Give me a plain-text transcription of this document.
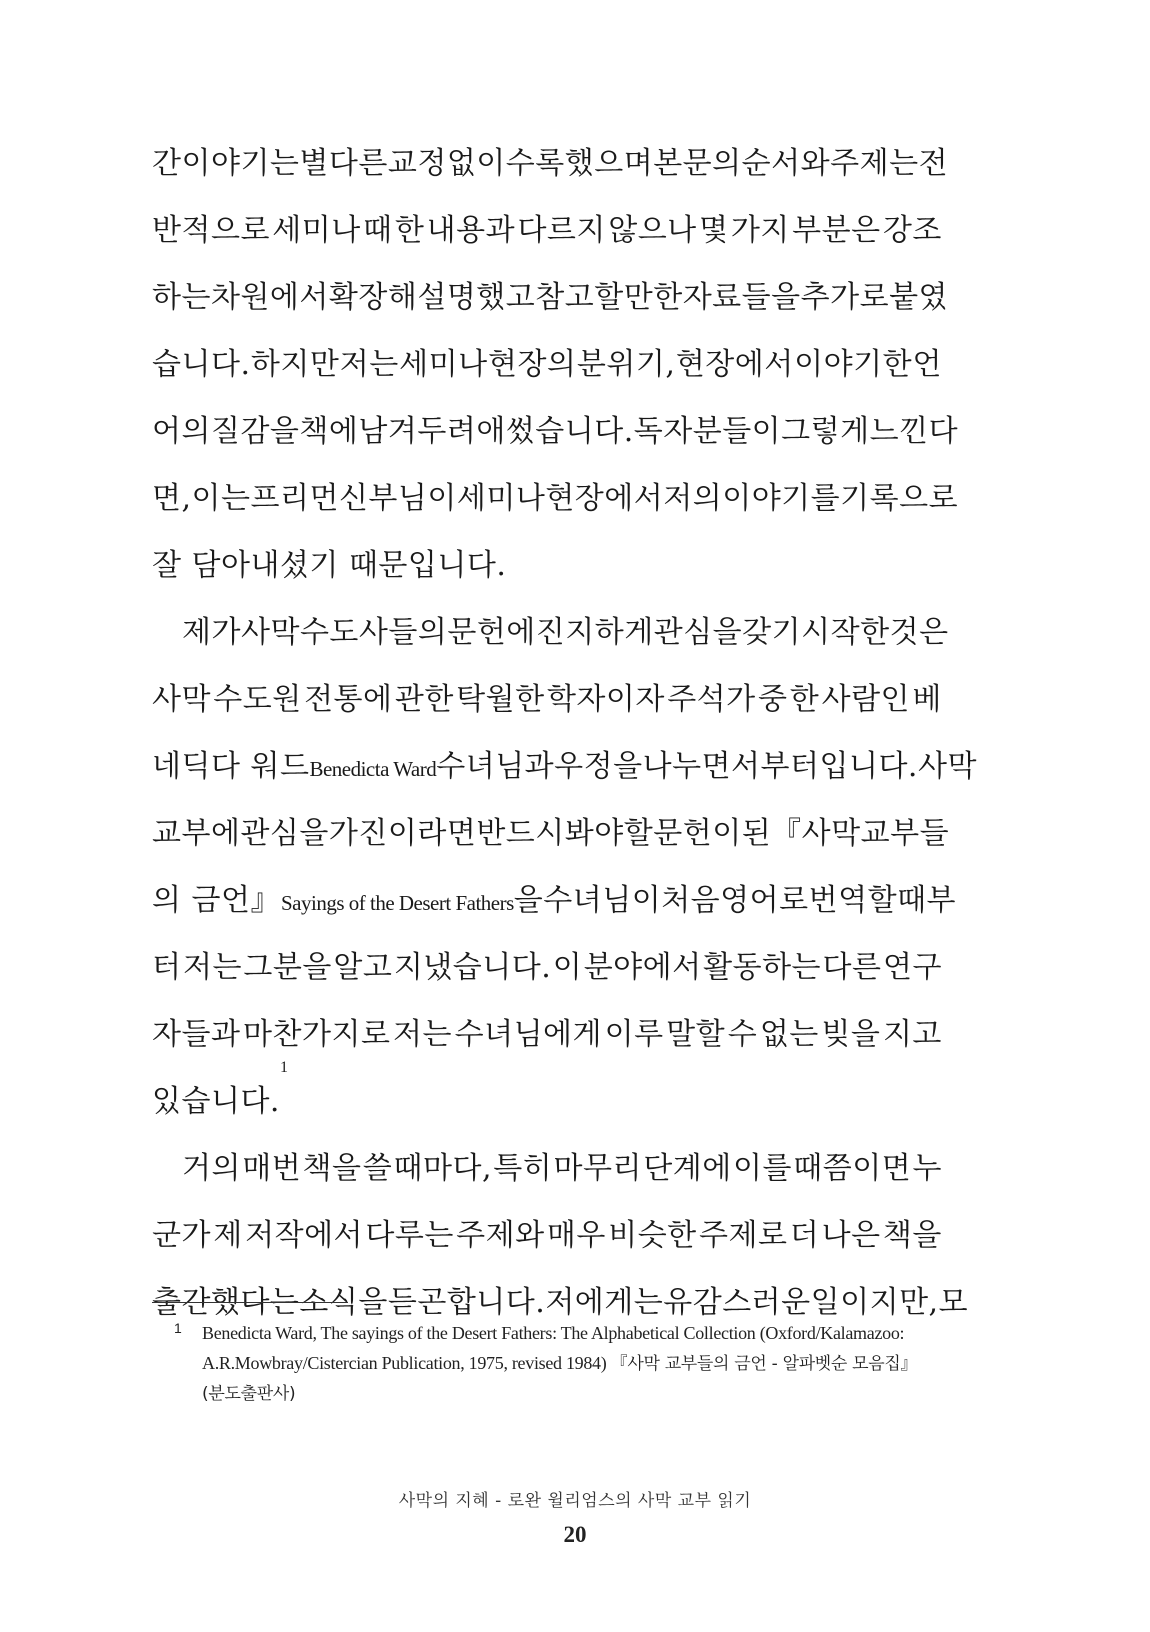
간 이야기는 별다른 교정 없이 수록했으며 본문의 순서와 주제는 전
반적으로 세미나 때 한 내용과 다르지 않으나 몇 가지 부분은 강조
하는 차원에서 확장해 설명했고 참고할 만한 자료들을 추가로 붙였
습니다. 하지만 저는 세미나 현장의 분위기, 현장에서 이야기한 언
어의 질감을 책에 남겨두려 애썼습니다. 독자분들이 그렇게 느낀다
면, 이는 프리먼 신부님이 세미나 현장에서 저의 이야기를 기록으로
잘 담아내셨기 때문입니다.
제가 사막 수도사들의 문헌에 진지하게 관심을 갖기 시작한 것은
사막 수도원 전통에 관한 탁월한 학자이자 주석가 중 한 사람인 베
네딕다 워드Benedicta Ward 수녀님과 우정을 나누면서부터입니다. 사막
교부에 관심을 가진 이라면 반드시 봐야 할 문헌이 된『사막 교부들
의 금언』Sayings of the Desert Fathers 을 수녀님이 처음 영어로 번역할 때부
터 저는 그분을 알고 지냈습니다. 이 분야에서 활동하는 다른 연구
자들과 마찬가지로 저는 수녀님에게 이루 말할 수 없는 빚을 지고
있습니다.
1
거의 매번 책을 쓸 때마다, 특히 마무리 단계에 이를 때쯤이면 누
군가 제 저작에서 다루는 주제와 매우 비슷한 주제로 더 나은 책을
출간했다는 소식을 듣곤 합니다. 저에게는 유감스러운 일이지만, 모
1 Benedicta Ward, The sayings of the Desert Fathers: The Alphabetical Collection (Oxford/Kalamazoo:
A.R.Mowbray/Cistercian Publication, 1975, revised 1984) 『사막 교부들의 금언 - 알파벳순 모음집』
(분도출판사)
사막의 지혜 - 로완 윌리엄스의 사막 교부 읽기
20
